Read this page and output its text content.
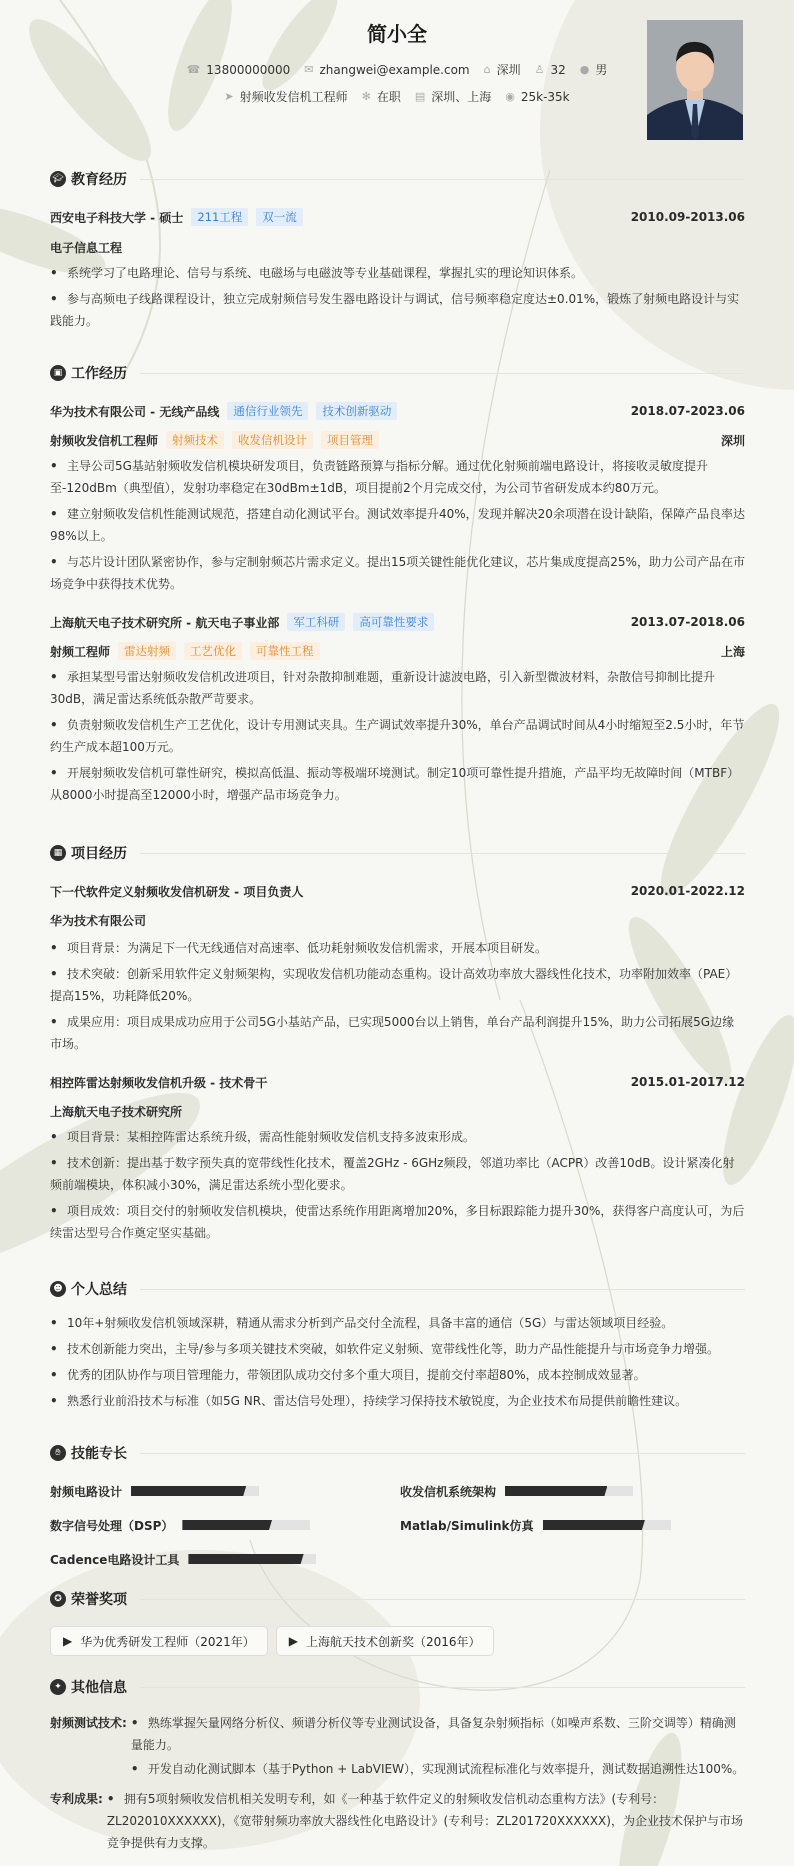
简小全
☎ 13800000000 ✉ zhangwei@example.com ⌂ 深圳 ♙ 32 ● 男
➤ 射频收发信机工程师 ✻ 在职 ▤ 深圳、上海 ◉ 25k-35k
🎓︎ 教育经历
西安电子科技大学 - 硕士	211工程	双一流	2010.09-2013.06
电子信息工程
• 系统学习了电路理论、信号与系统、电磁场与电磁波等专业基础课程，掌握扎实的理论知识体系。
• 参与高频电子线路课程设计，独立完成射频信号发生器电路设计与调试，信号频率稳定度达±0.01%，锻炼了射频电路设计与实践能力。
▣ 工作经历
华为技术有限公司 - 无线产品线	通信行业领先	技术创新驱动	2018.07-2023.06
射频收发信机工程师	射频技术	收发信机设计	项目管理	深圳
• 主导公司5G基站射频收发信机模块研发项目，负责链路预算与指标分解。通过优化射频前端电路设计，将接收灵敏度提升至-120dBm（典型值），发射功率稳定在30dBm±1dB，项目提前2个月完成交付，为公司节省研发成本约80万元。
• 建立射频收发信机性能测试规范，搭建自动化测试平台。测试效率提升40%，发现并解决20余项潜在设计缺陷，保障产品良率达98%以上。
• 与芯片设计团队紧密协作，参与定制射频芯片需求定义。提出15项关键性能优化建议，芯片集成度提高25%，助力公司产品在市场竞争中获得技术优势。
上海航天电子技术研究所 - 航天电子事业部	军工科研	高可靠性要求	2013.07-2018.06
射频工程师	雷达射频	工艺优化	可靠性工程	上海
• 承担某型号雷达射频收发信机改进项目，针对杂散抑制难题，重新设计滤波电路，引入新型微波材料，杂散信号抑制比提升30dB，满足雷达系统低杂散严苛要求。
• 负责射频收发信机生产工艺优化，设计专用测试夹具。生产调试效率提升30%，单台产品调试时间从4小时缩短至2.5小时，年节约生产成本超100万元。
• 开展射频收发信机可靠性研究，模拟高低温、振动等极端环境测试。制定10项可靠性提升措施，产品平均无故障时间（MTBF）从8000小时提高至12000小时，增强产品市场竞争力。
▦ 项目经历
下一代软件定义射频收发信机研发 - 项目负责人	2020.01-2022.12
华为技术有限公司
• 项目背景：为满足下一代无线通信对高速率、低功耗射频收发信机需求，开展本项目研发。
• 技术突破：创新采用软件定义射频架构，实现收发信机功能动态重构。设计高效功率放大器线性化技术，功率附加效率（PAE）提高15%，功耗降低20%。
• 成果应用：项目成果成功应用于公司5G小基站产品，已实现5000台以上销售，单台产品利润提升15%，助力公司拓展5G边缘市场。
相控阵雷达射频收发信机升级 - 技术骨干	2015.01-2017.12
上海航天电子技术研究所
• 项目背景：某相控阵雷达系统升级，需高性能射频收发信机支持多波束形成。
• 技术创新：提出基于数字预失真的宽带线性化技术，覆盖2GHz - 6GHz频段，邻道功率比（ACPR）改善10dB。设计紧凑化射频前端模块，体积减小30%，满足雷达系统小型化要求。
• 项目成效：项目交付的射频收发信机模块，使雷达系统作用距离增加20%，多目标跟踪能力提升30%，获得客户高度认可，为后续雷达型号合作奠定坚实基础。
☻ 个人总结
• 10年+射频收发信机领域深耕，精通从需求分析到产品交付全流程，具备丰富的通信（5G）与雷达领域项目经验。
• 技术创新能力突出，主导/参与多项关键技术突破，如软件定义射频、宽带线性化等，助力产品性能提升与市场竞争力增强。
• 优秀的团队协作与项目管理能力，带领团队成功交付多个重大项目，提前交付率超80%，成本控制成效显著。
• 熟悉行业前沿技术与标准（如5G NR、雷达信号处理），持续学习保持技术敏锐度，为企业技术布局提供前瞻性建议。
✋︎ 技能专长
射频电路设计	收发信机系统架构
数字信号处理（DSP）	Matlab/Simulink仿真
Cadence电路设计工具
✪ 荣誉奖项
▶ 华为优秀研发工程师（2021年）	▶ 上海航天技术创新奖（2016年）
✦ 其他信息
射频测试技术: • 熟练掌握矢量网络分析仪、频谱分析仪等专业测试设备，具备复杂射频指标（如噪声系数、三阶交调等）精确测量能力。
• 开发自动化测试脚本（基于Python + LabVIEW），实现测试流程标准化与效率提升，测试数据追溯性达100%。
专利成果: • 拥有5项射频收发信机相关发明专利，如《一种基于软件定义的射频收发信机动态重构方法》(专利号：ZL202010XXXXXX)，《宽带射频功率放大器线性化电路设计》(专利号：ZL201720XXXXXX)，为企业技术保护与市场竞争提供有力支撑。
